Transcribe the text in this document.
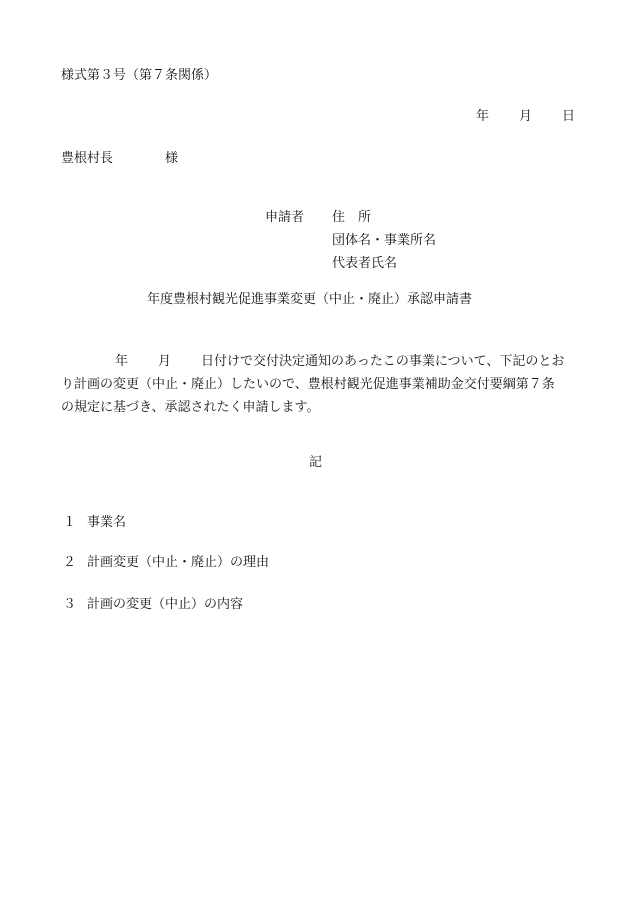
様式第３号（第７条関係）
年 月 日
豊根村長	様
申請者 住　所
団体名・事業所名
代表者氏名
年度豊根村観光促進事業変更（中止・廃止）承認申請書
年 月 日付けで交付決定通知のあったこの事業について、下記のとお
り計画の変更（中止・廃止）したいので、豊根村観光促進事業補助金交付要綱第７条
の規定に基づき、承認されたく申請します。
記
１ 事業名
２ 計画変更（中止・廃止）の理由
３ 計画の変更（中止）の内容
